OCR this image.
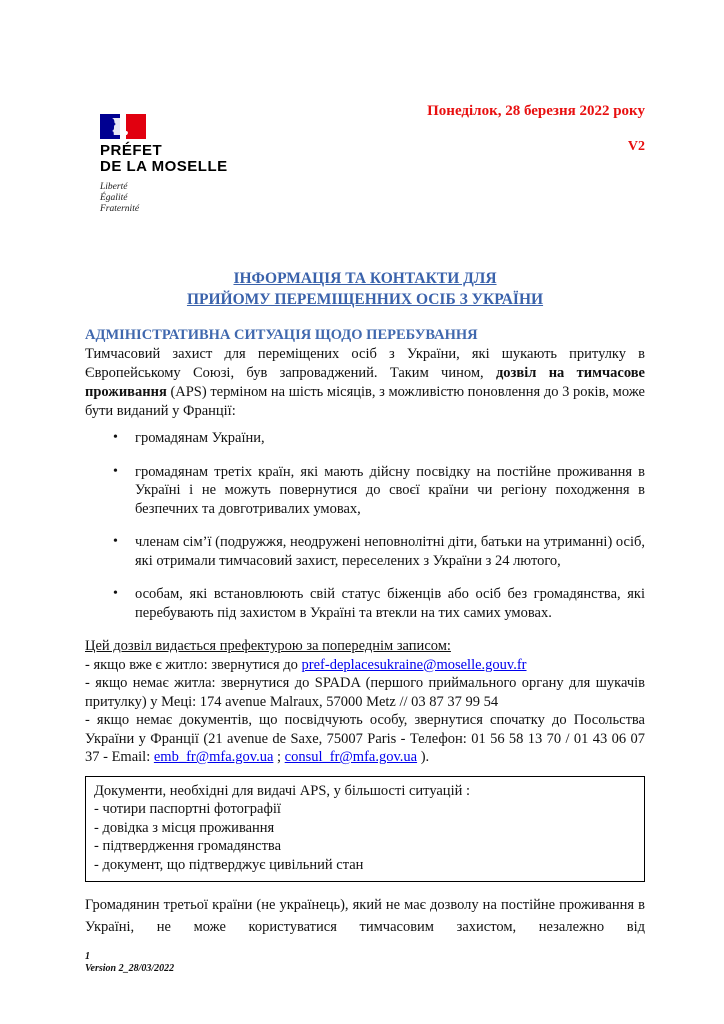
PRÉFET
DE LA MOSELLE
Liberté
Égalité
Fraternité
Понеділок, 28 березня 2022 року
V2
ІНФОРМАЦІЯ ТА КОНТАКТИ ДЛЯ
ПРИЙОМУ ПЕРЕМІЩЕННИХ ОСІБ З УКРАЇНИ
АДМІНІСТРАТИВНА СИТУАЦІЯ ЩОДО ПЕРЕБУВАННЯ
Тимчасовий захист для переміщених осіб з України, які шукають притулку в Європейському Союзі, був запроваджений. Таким чином, дозвіл на тимчасове проживання (APS) терміном на шість місяців, з можливістю поновлення до 3 років, може бути виданий у Франції:
• громадянам України,
• громадянам третіх країн, які мають дійсну посвідку на постійне проживання в Україні і не можуть повернутися до своєї країни чи регіону походження в безпечних та довготривалих умовах,
• членам сім’ї (подружжя, неодружені неповнолітні діти, батьки на утриманні) осіб, які отримали тимчасовий захист, переселених з України з 24 лютого,
• особам, які встановлюють свій статус біженців або осіб без громадянства, які перебувають під захистом в Україні та втекли на тих самих умовах.
Цей дозвіл видається префектурою за попереднім записом:
- якщо вже є житло: звернутися до pref-deplacesukraine@moselle.gouv.fr
- якщо немає житла: звернутися до SPADA (першого приймального органу для шукачів притулку) у Меці: 174 avenue Malraux, 57000 Metz // 03 87 37 99 54
- якщо немає документів, що посвідчують особу, звернутися спочатку до Посольства України у Франції (21 avenue de Saxe, 75007 Paris - Телефон: 01 56 58 13 70 / 01 43 06 07 37 - Email: emb_fr@mfa.gov.ua ; consul_fr@mfa.gov.ua ).
Документи, необхідні для видачі APS, у більшості ситуацій :
- чотири паспортні фотографії
- довідка з місця проживання
- підтвердження громадянства
- документ, що підтверджує цивільний стан
Громадянин третьої країни (не українець), який не має дозволу на постійне проживання в Україні, не може користуватися тимчасовим захистом, незалежно від
1
Version 2_28/03/2022
